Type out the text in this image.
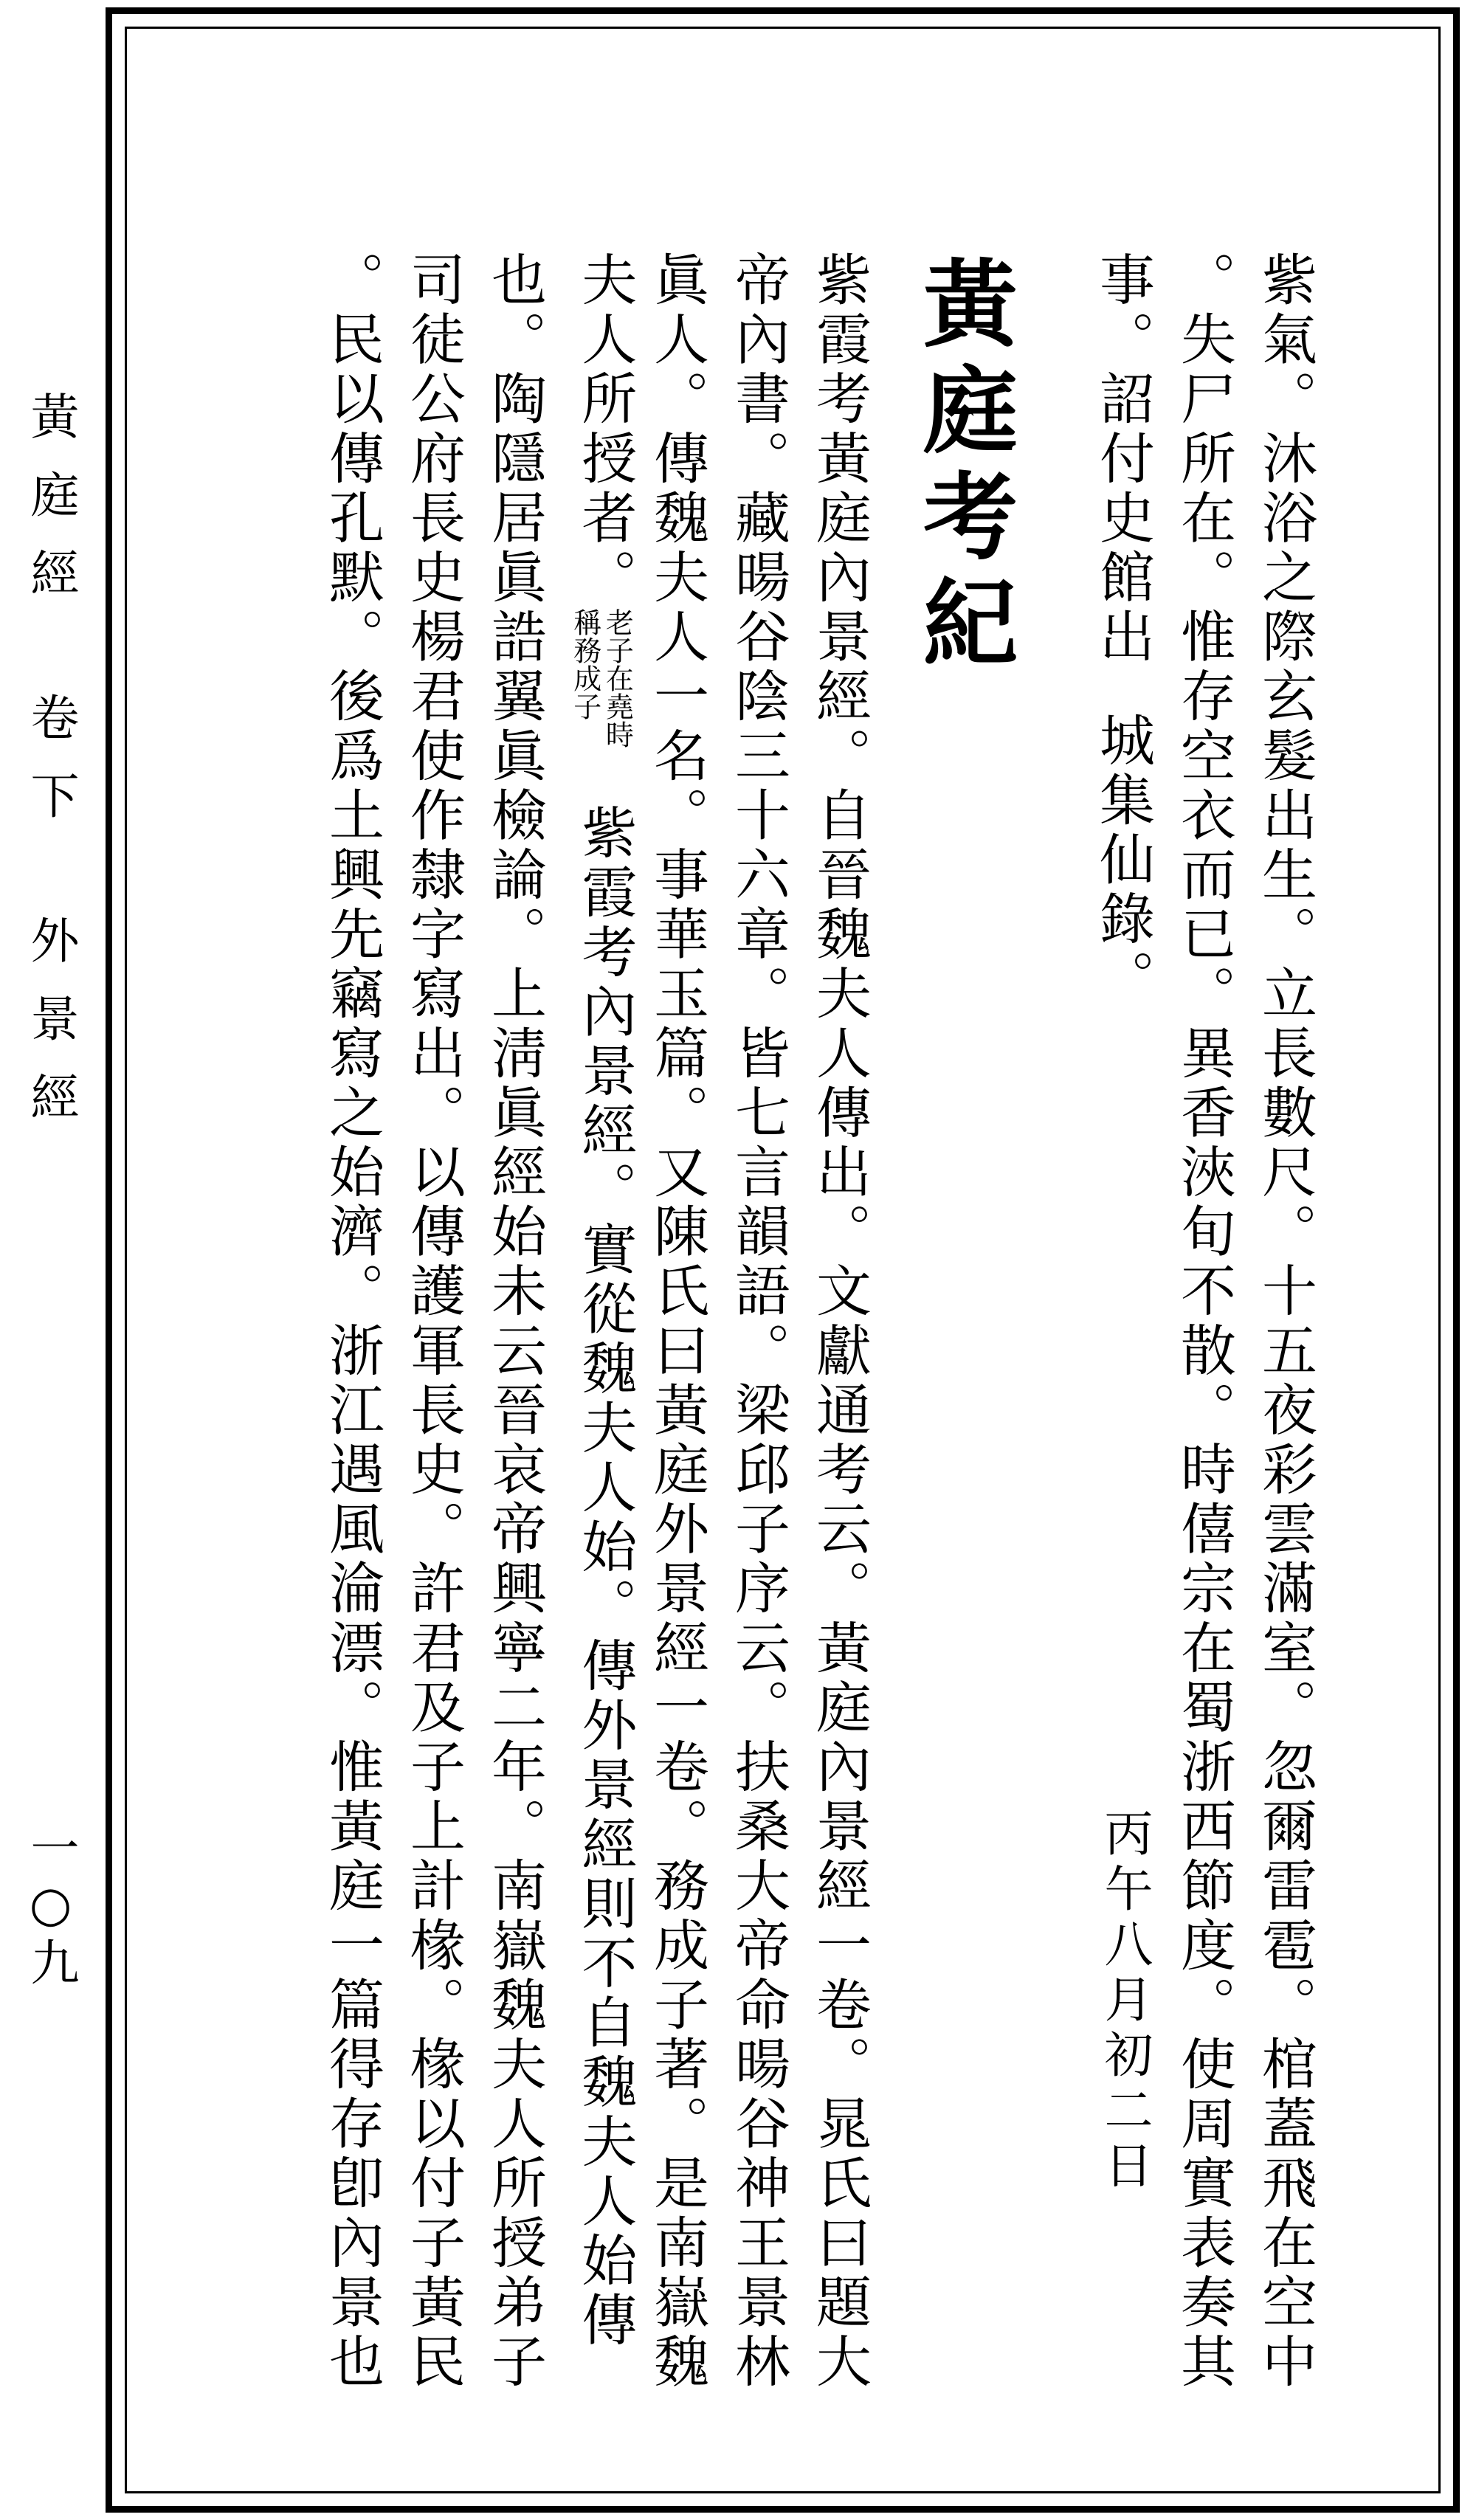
黃庭經卷下外景經
一○九	紫氣。沐浴之際玄髮出生。立長數尺。十五夜彩雲滿室。忽爾雷雹。棺蓋飛在空中
。失尸所在。惟存空衣而已。異香浹旬不散。時僖宗在蜀浙西節度。使周實表奏其
事。詔付史館出城集仙錄。
丙午八月初二日
黃庭考紀
紫霞考黃庭內景經。自晉魏夫人傳出。文獻通考云。黃庭內景經一卷。晁氏曰題大
帝內書。藏暘谷陰三十六章。皆七言韻語。梁邱子序云。扶桑大帝命暘谷神王景林
眞人。傳魏夫人一名。事華玉篇。又陳氏曰黃庭外景經一卷。務成子著。是南嶽魏
夫人所授者。老子在堯時
稱務成子紫霞考內景經。實從魏夫人始。傳外景經則不自魏夫人始傳
也。陶隱居眞誥翼眞檢論。上淸眞經始未云晉哀帝興寧二年。南嶽魏夫人所授弟子
司徒公府長史楊君使作隸字寫出。以傳護軍長史。許君及子上計椽。椽以付子黃民
。民以傳孔默。後爲土興先竊寫之始濟。浙江遇風淪漂。惟黃庭一篇得存卽內景也
